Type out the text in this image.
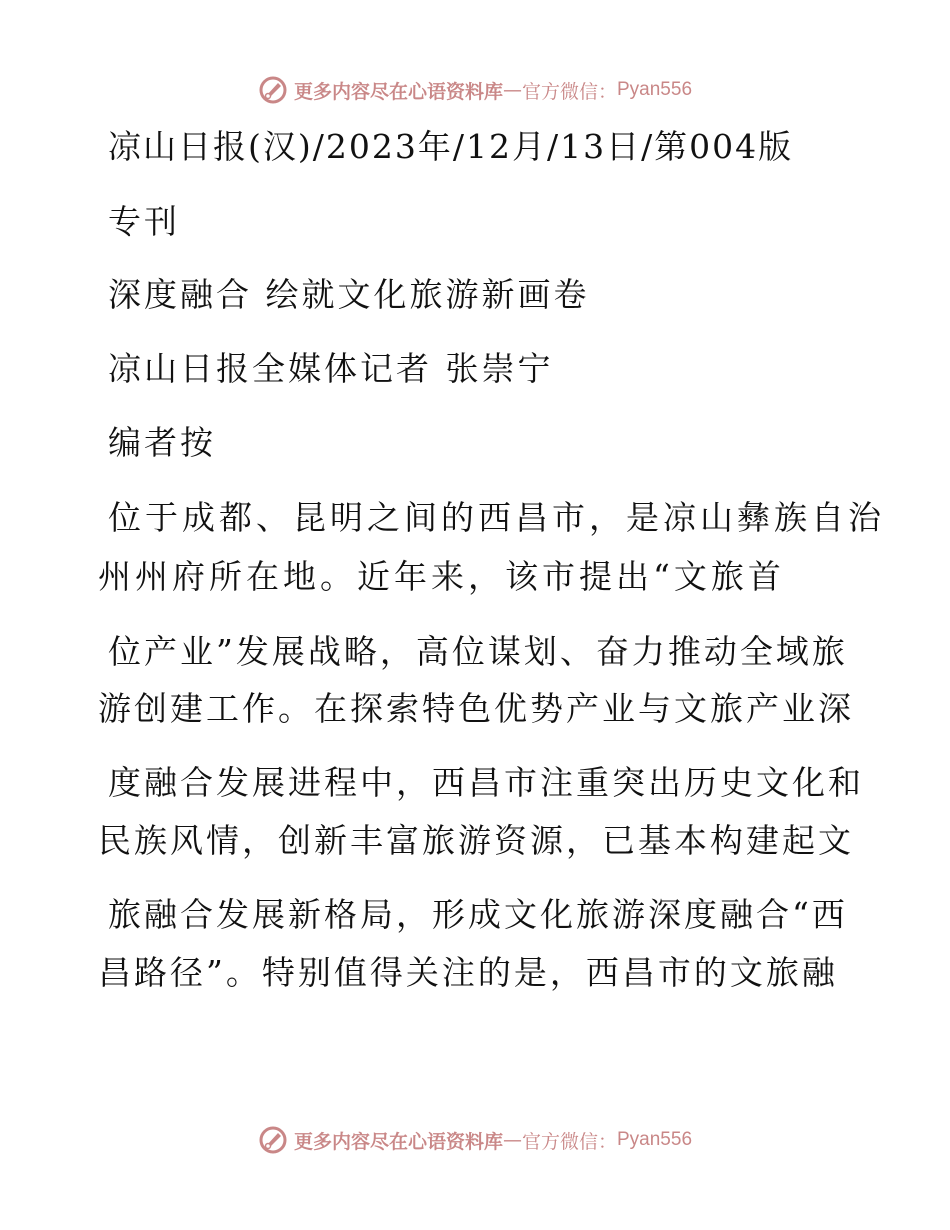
更多内容尽在心语资料库 — 官方微信： Pyan556
凉山日报(汉)/2023年/12月/13日/第004版
专刊
深度融合 绘就文化旅游新画卷
凉山日报全媒体记者 张崇宁
编者按
位于成都、昆明之间的西昌市，是凉山彝族自治
州州府所在地。近年来，该市提出“文旅首
位产业”发展战略，高位谋划、奋力推动全域旅
游创建工作。在探索特色优势产业与文旅产业深
度融合发展进程中，西昌市注重突出历史文化和
民族风情，创新丰富旅游资源，已基本构建起文
旅融合发展新格局，形成文化旅游深度融合“西
昌路径”。特别值得关注的是，西昌市的文旅融
更多内容尽在心语资料库 — 官方微信： Pyan556
